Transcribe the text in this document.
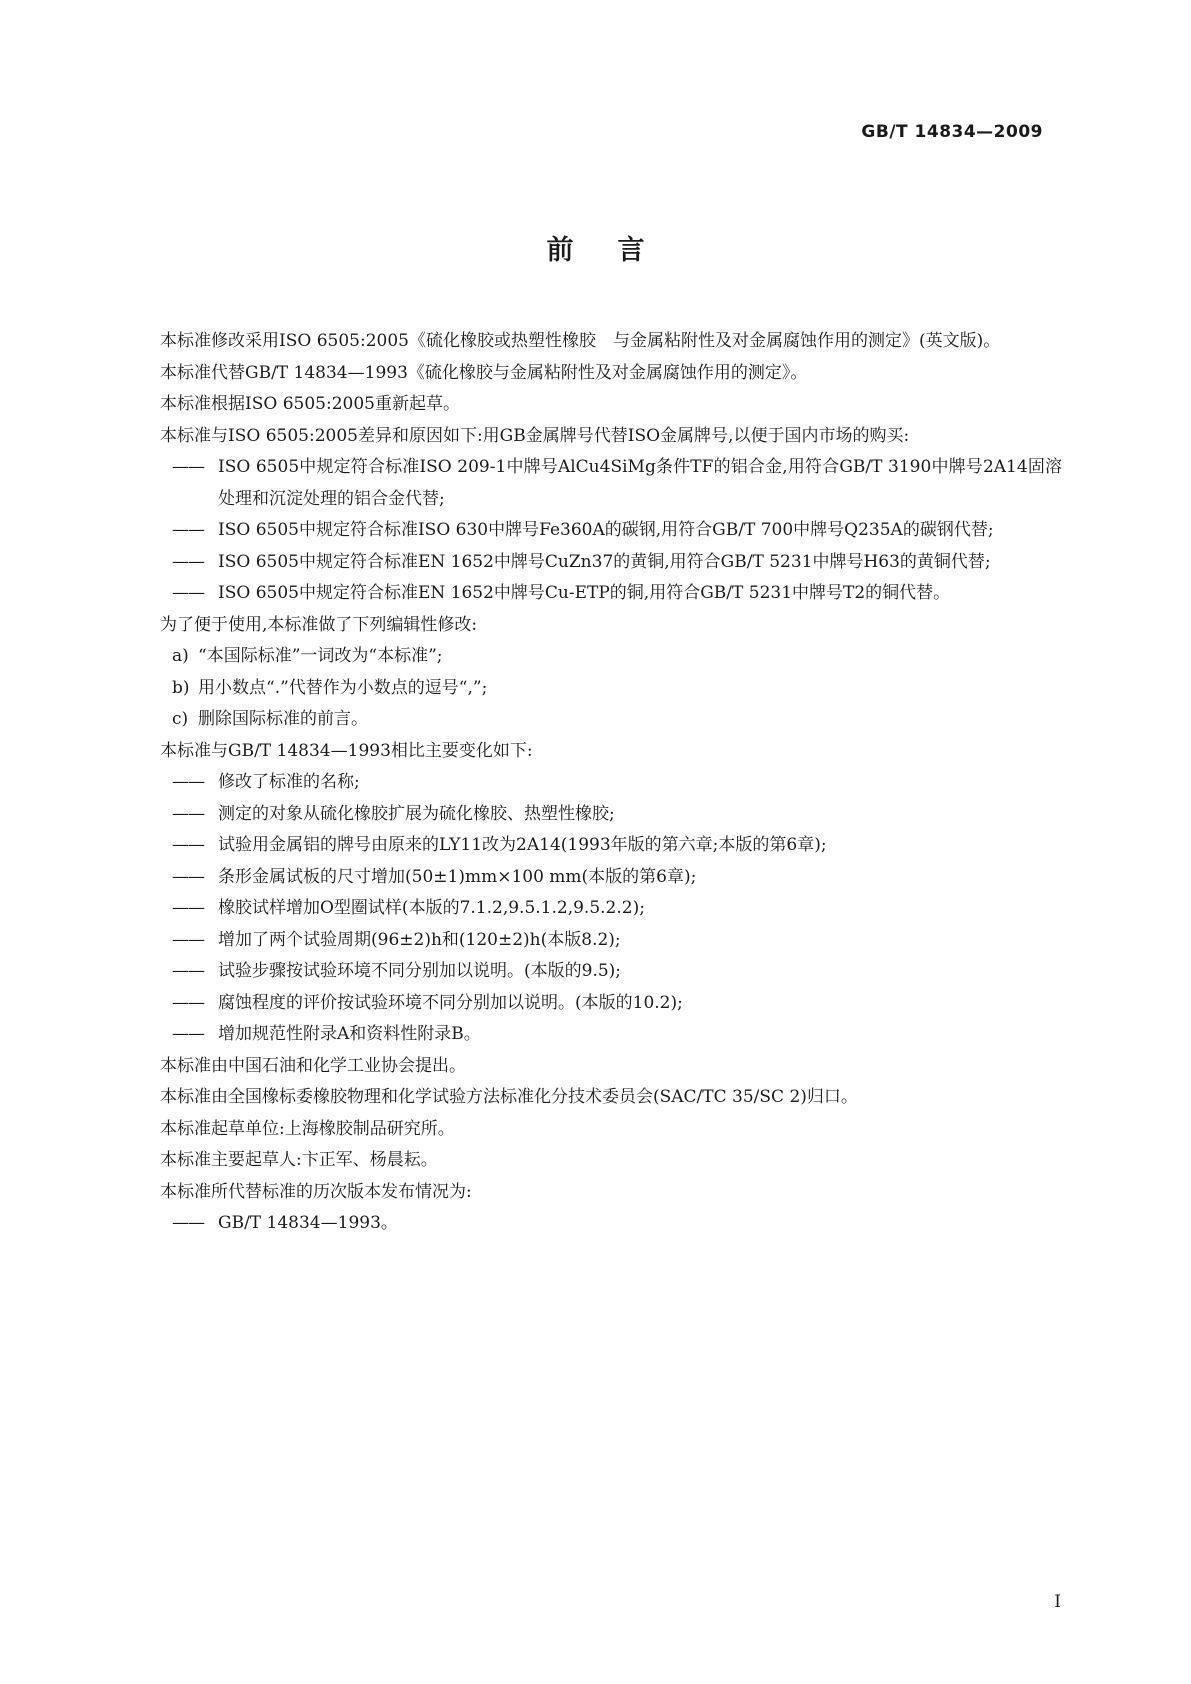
GB/T 14834—2009
前言

本标准修改采用ISO 6505:2005《硫化橡胶或热塑性橡胶　与金属粘附性及对金属腐蚀作用的测定》(英文版)。

本标准代替GB/T 14834—1993《硫化橡胶与金属粘附性及对金属腐蚀作用的测定》。

本标准根据ISO 6505:2005重新起草。

本标准与ISO 6505:2005差异和原因如下:用GB金属牌号代替ISO金属牌号,以便于国内市场的购买:

—— ISO 6505中规定符合标准ISO 209-1中牌号AlCu4SiMg条件TF的铝合金,用符合GB/T 3190中牌号2A14固溶处理和沉淀处理的铝合金代替;
—— ISO 6505中规定符合标准ISO 630中牌号Fe360A的碳钢,用符合GB/T 700中牌号Q235A的碳钢代替;
—— ISO 6505中规定符合标准EN 1652中牌号CuZn37的黄铜,用符合GB/T 5231中牌号H63的黄铜代替;
—— ISO 6505中规定符合标准EN 1652中牌号Cu-ETP的铜,用符合GB/T 5231中牌号T2的铜代替。

为了便于使用,本标准做了下列编辑性修改:

a) “本国际标准”一词改为“本标准”;
b) 用小数点“.”代替作为小数点的逗号“,”;
c) 删除国际标准的前言。

本标准与GB/T 14834—1993相比主要变化如下:

—— 修改了标准的名称;
—— 测定的对象从硫化橡胶扩展为硫化橡胶、热塑性橡胶;
—— 试验用金属铝的牌号由原来的LY11改为2A14(1993年版的第六章;本版的第6章);
—— 条形金属试板的尺寸增加(50±1)mm×100 mm(本版的第6章);
—— 橡胶试样增加O型圈试样(本版的7.1.2,9.5.1.2,9.5.2.2);
—— 增加了两个试验周期(96±2)h和(120±2)h(本版8.2);
—— 试验步骤按试验环境不同分别加以说明。(本版的9.5);
—— 腐蚀程度的评价按试验环境不同分别加以说明。(本版的10.2);
—— 增加规范性附录A和资料性附录B。

本标准由中国石油和化学工业协会提出。

本标准由全国橡标委橡胶物理和化学试验方法标准化分技术委员会(SAC/TC 35/SC 2)归口。

本标准起草单位:上海橡胶制品研究所。

本标准主要起草人:卞正军、杨晨耘。

本标准所代替标准的历次版本发布情况为:

—— GB/T 14834—1993。
I
